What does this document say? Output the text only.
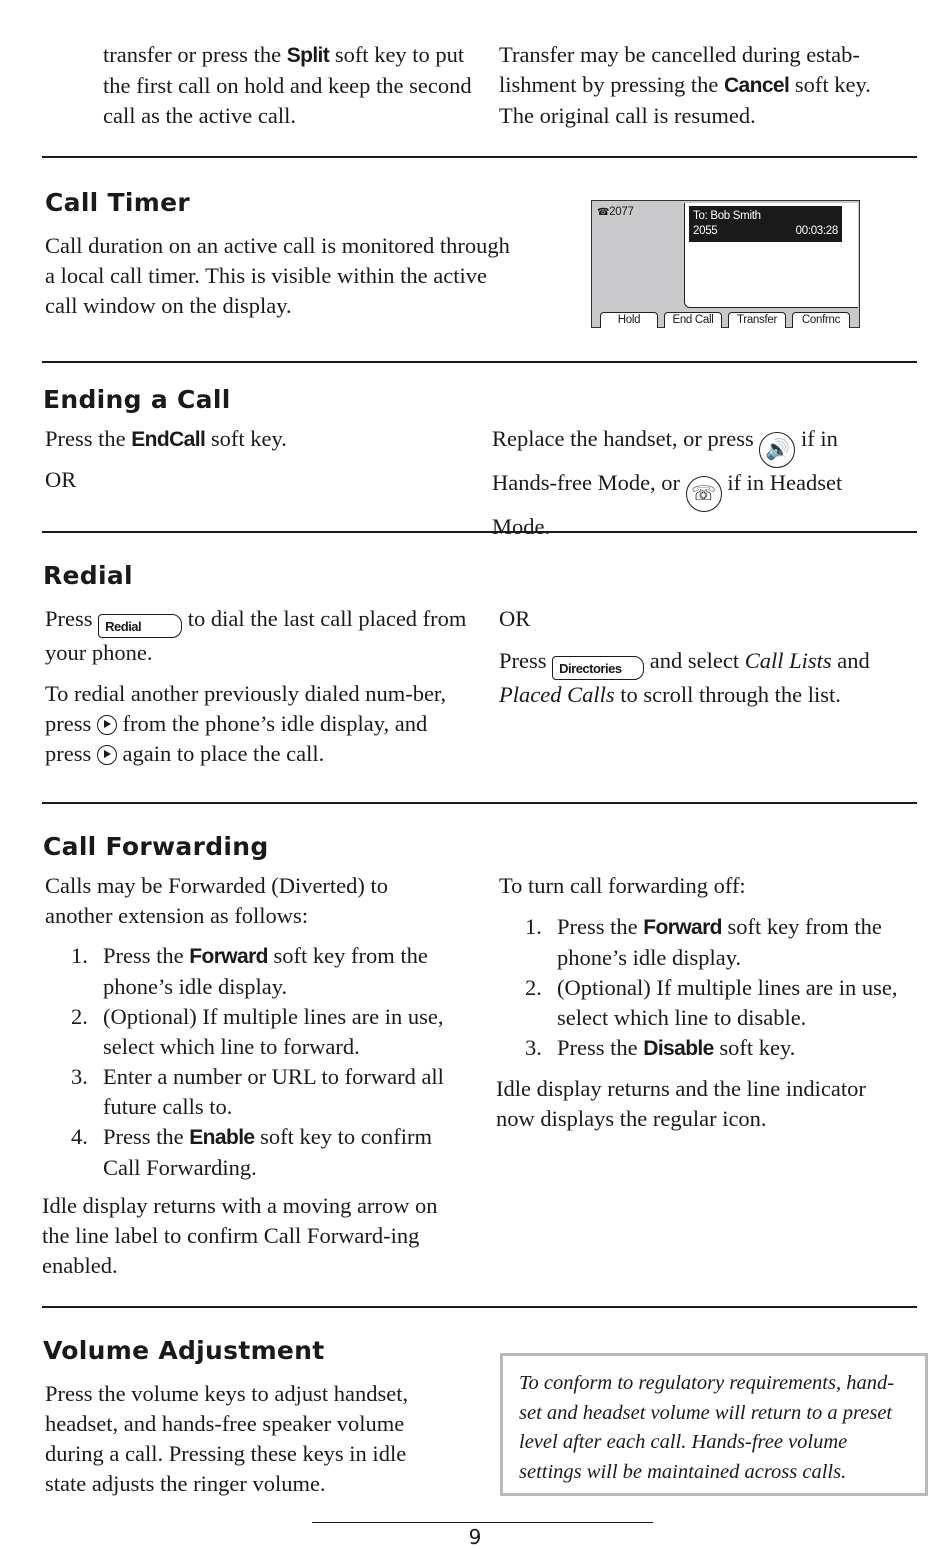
transfer or press the Split soft key to put the first call on hold and keep the second call as the active call.
Transfer may be cancelled during estab-lishment by pressing the Cancel soft key. The original call is resumed.
Call Timer
Call duration on an active call is monitored through a local call timer. This is visible within the active call window on the display.
☎2077	To: Bob Smith
2055	00:03:28
Hold	End Call	Transfer	Confrnc
Ending a Call

Press the EndCall soft key.

OR

Replace the handset, or press 🔊 if in Hands-free Mode, or ☏ if in Headset Mode.
Redial

Press Redial to dial the last call placed from your phone.

To redial another previously dialed num-ber, press  from the phone’s idle display, and press  again to place the call.

OR

Press Directories and select Call Lists and Placed Calls to scroll through the list.

Call Forwarding

Calls may be Forwarded (Diverted) to another extension as follows:

1. Press the Forward soft key from the phone’s idle display.
2. (Optional) If multiple lines are in use, select which line to forward.
3. Enter a number or URL to forward all future calls to.
4. Press the Enable soft key to confirm Call Forwarding.
Idle display returns with a moving arrow on the line label to confirm Call Forward-ing enabled.

To turn call forwarding off:

1. Press the Forward soft key from the phone’s idle display.
2. (Optional) If multiple lines are in use, select which line to disable.
3. Press the Disable soft key.

Idle display returns and the line indicator now displays the regular icon.

Volume Adjustment
Press the volume keys to adjust handset, headset, and hands-free speaker volume during a call. Pressing these keys in idle state adjusts the ringer volume.
To conform to regulatory requirements, hand-set and headset volume will return to a preset level after each call. Hands-free volume settings will be maintained across calls.
9
